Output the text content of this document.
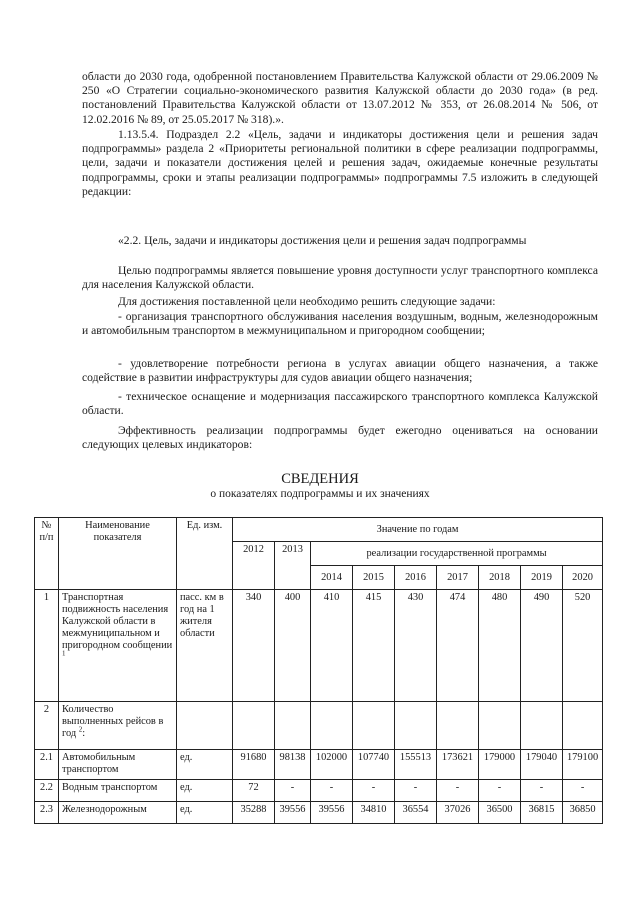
области до 2030 года, одобренной постановлением Правительства Калужской области от 29.06.2009 № 250 «О Стратегии социально-экономического развития Калужской области до 2030 года» (в ред. постановлений Правительства Калужской области от 13.07.2012 № 353, от 26.08.2014 № 506, от 12.02.2016 № 89, от 25.05.2017 № 318).».
1.13.5.4. Подраздел 2.2 «Цель, задачи и индикаторы достижения цели и решения задач подпрограммы» раздела 2 «Приоритеты региональной политики в сфере реализации подпрограммы, цели, задачи и показатели достижения целей и решения задач, ожидаемые конечные результаты подпрограммы, сроки и этапы реализации подпрограммы» подпрограммы 7.5 изложить в следующей редакции:
«2.2. Цель, задачи и индикаторы достижения цели и решения задач подпрограммы
Целью подпрограммы является повышение уровня доступности услуг транспортного комплекса для населения Калужской области.
Для достижения поставленной цели необходимо решить следующие задачи:
- организация транспортного обслуживания населения воздушным, водным, железнодорожным и автомобильным транспортом в межмуниципальном и пригородном сообщении;
- удовлетворение потребности региона в услугах авиации общего назначения, а также содействие в развитии инфраструктуры для судов авиации общего назначения;
- техническое оснащение и модернизация пассажирского транспортного комплекса Калужской области.
Эффективность реализации подпрограммы будет ежегодно оцениваться на основании следующих целевых индикаторов:
СВЕДЕНИЯ
о показателях подпрограммы и их значениях
№ п/п	Наименование показателя	Ед. изм.	Значение по годам								
			2012	2013	реализации государственной программы						
					2014	2015	2016	2017	2018	2019	2020
1	Транспортная подвижность населения Калужской области в межмуниципальном и пригородном сообщении $^1$	пасс. км в год на 1 жителя области	340	400	410	415	430	474	480	490	520
2	Количество выполненных рейсов в год $^2$:										
2.1	Автомобильным транспортом	ед.	91680	98138	102000	107740	155513	173621	179000	179040	179100
2.2	Водным транспортом	ед.	72	-	-	-	-	-	-	-	-
2.3	Железнодорожным	ед.	35288	39556	39556	34810	36554	37026	36500	36815	36850
